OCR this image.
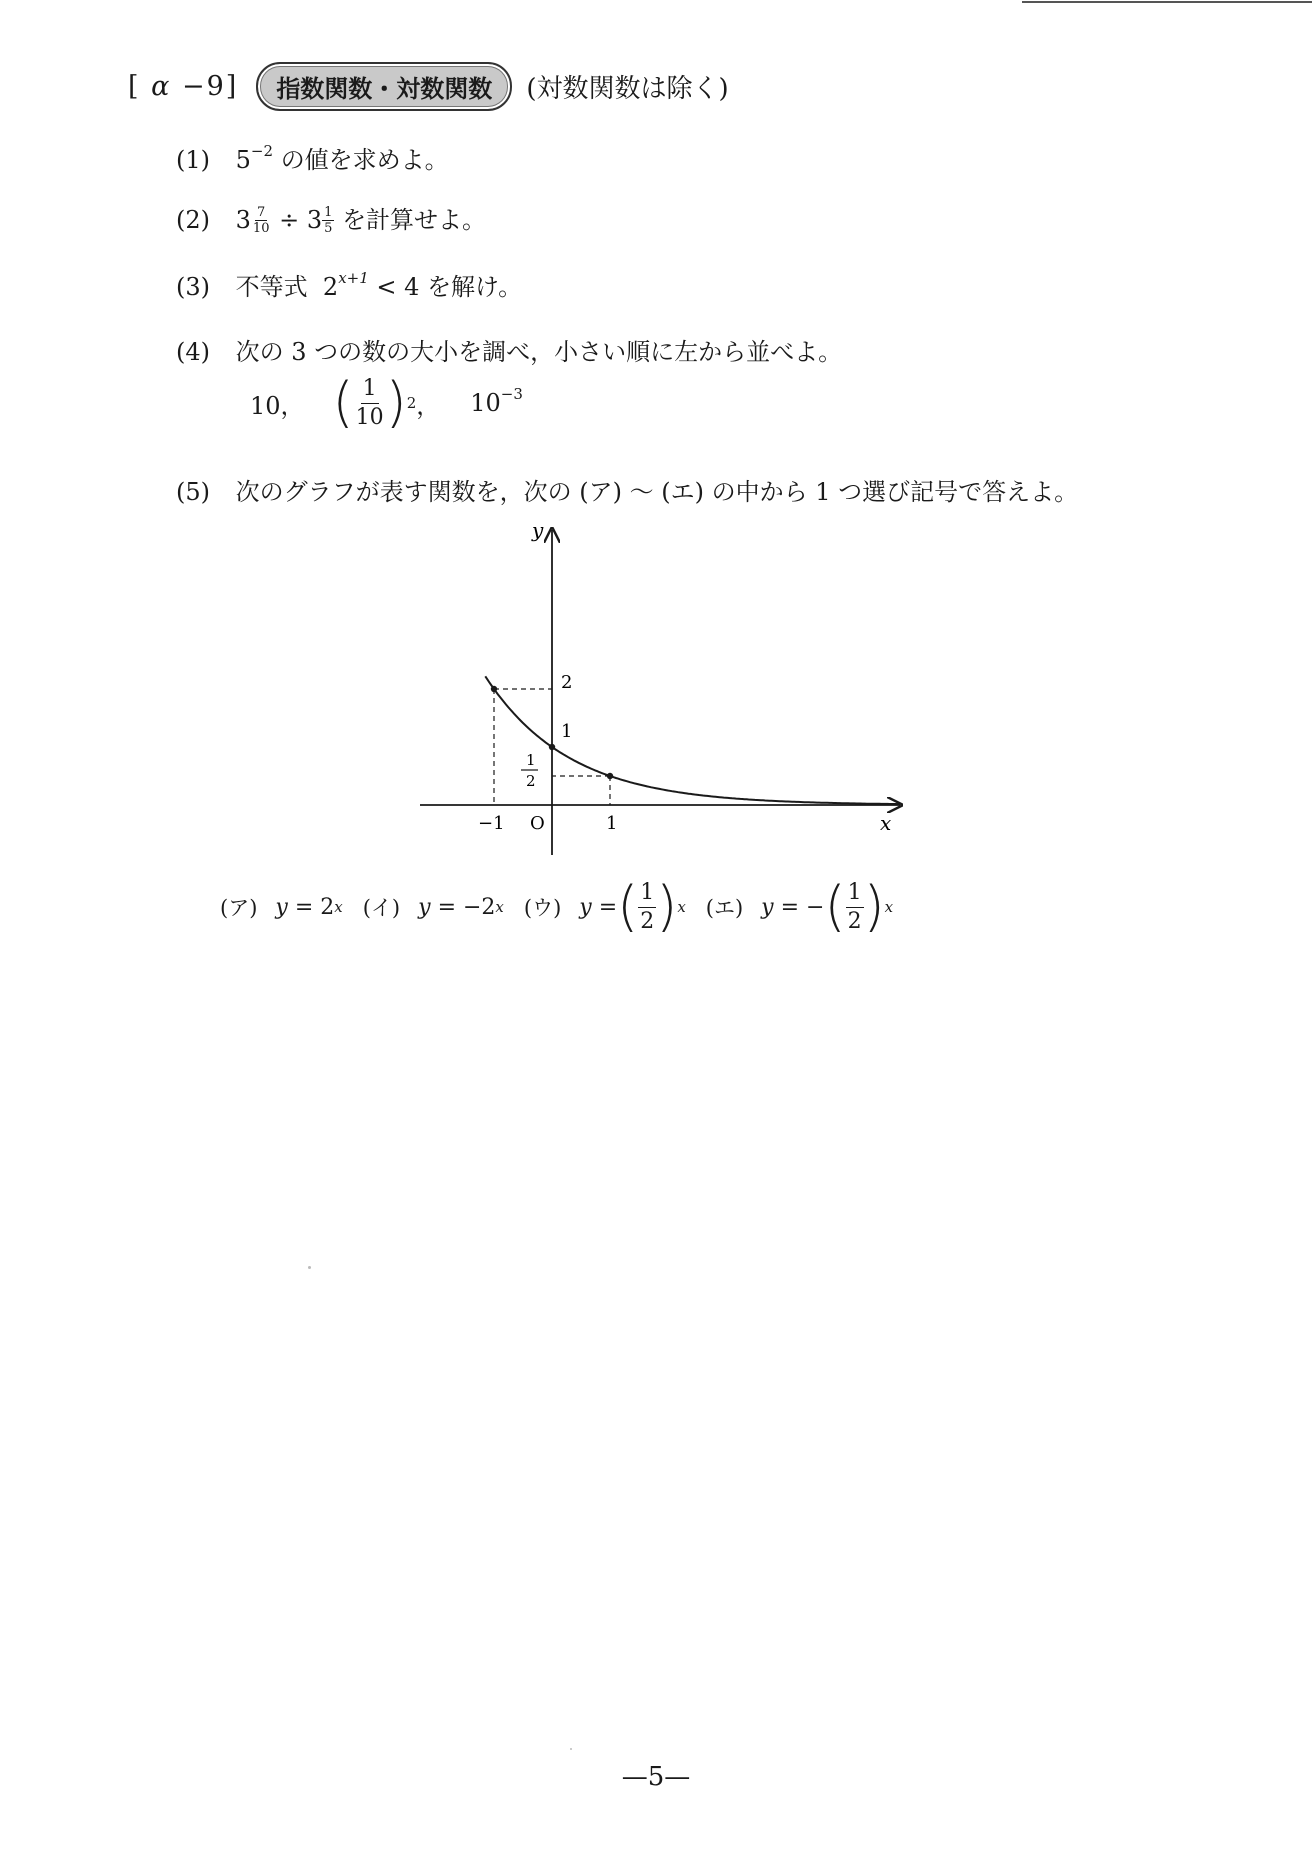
[ α −9]	指数関数・対数関数	(対数関数は除く)
(1) $5^{-2}$ の値を求めよ。
(2) $3 \frac{7}{10} \div 3 \frac{1}{5}$ を計算せよ。
(3) 不等式 $2^{x+1} < 4$ を解け。
(4) 次の 3 つの数の大小を調べ，小さい順に左から並べよ。
10， ( $\frac{1}{10}$ ) 2 ， $10^{-3}$
(5) 次のグラフが表す関数を，次の (ア) ～ (エ) の中から 1 つ選び記号で答えよ。
y
x
O
−1	1
2
1
1
2
(ア) y
= 2 x (イ) y
= −2 x (ウ) y
= ( $\frac{1}{2}$ ) x (エ) y
= − ( $\frac{1}{2}$ ) x
—5—
